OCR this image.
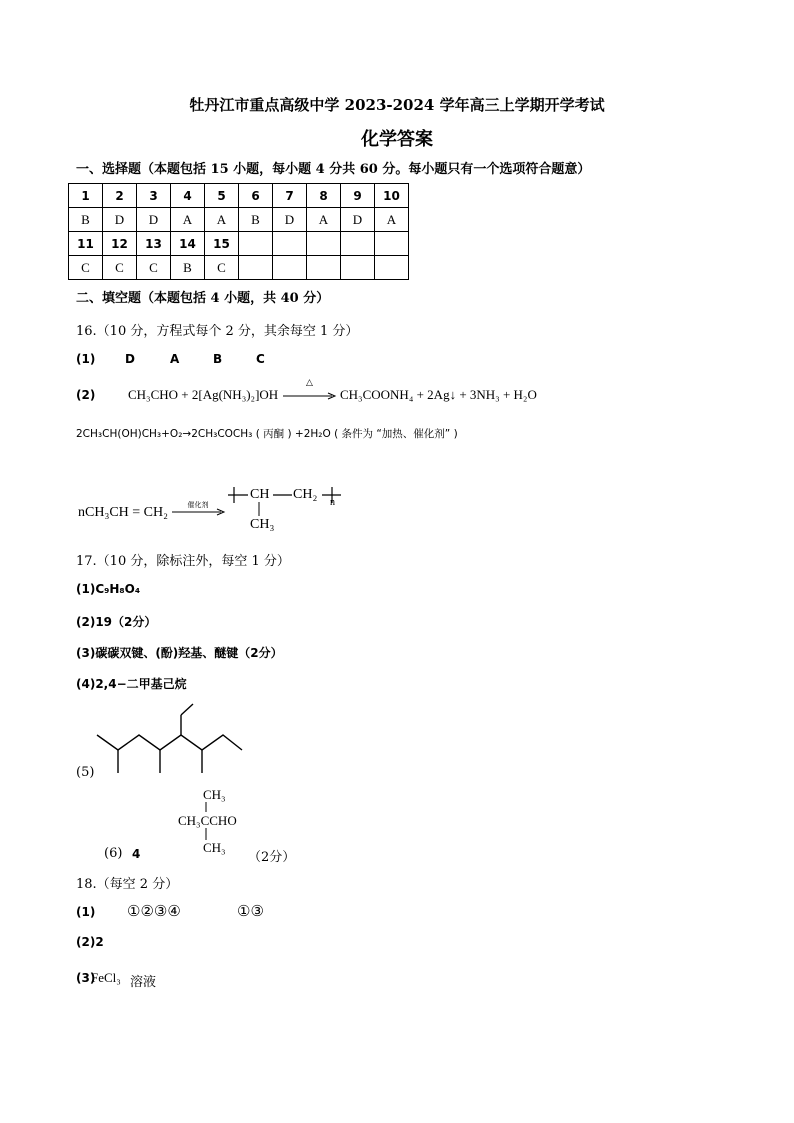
牡丹江市重点高级中学 2023-2024 学年高三上学期开学考试
化学答案
一、选择题（本题包括 15 小题，每小题 4 分共 60 分。每小题只有一个选项符合题意）
1	2	3	4	5	6	7	8	9	10
B	D	D	A	A	B	D	A	D	A
11	12	13	14	15					
C	C	C	B	C					
二、填空题（本题包括 4 小题，共 40 分）
16.（10 分，方程式每个 2 分，其余每空 1 分）
(1) D	A	B	C
(2)	CH₃CHO + 2[Ag(NH₃)₂]OH
△
CH₃COONH₄ + 2Ag↓ + 3NH₃ + H₂O
2CH₃CH(OH)CH₃+O₂→2CH₃COCH₃ ( 丙酮 ) +2H₂O ( 条件为 “加热、催化剂” )
nCH₃CH = CH₂	催化剂
CH CH₂
n
CH₃
17.（10 分，除标注外，每空 1 分）
(1)C₉H₈O₄
(2)19（2分）
(3)碳碳双键、(酚)羟基、醚键（2分）
(4)2,4−二甲基己烷
(5)
CH₃
CH₃CCHO
CH₃
(6) 4	（2分）
18.（每空 2 分）
(1) ①②③④	①③
(2)2
(3)
FeCl₃ 溶液
